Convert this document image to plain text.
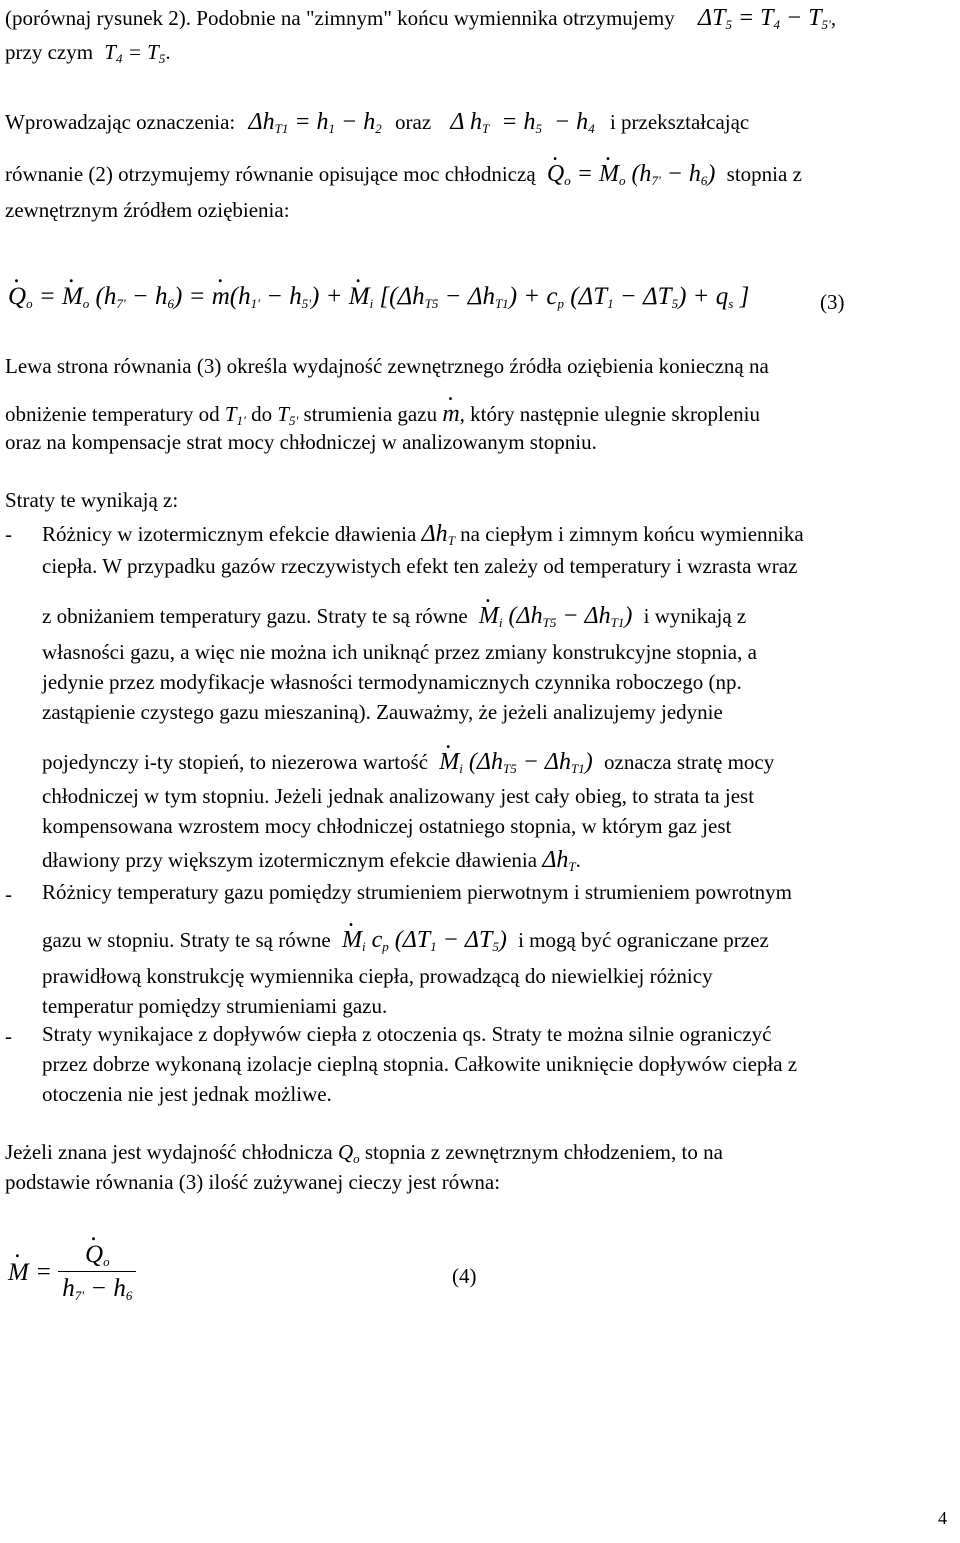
(porównaj rysunek 2). Podobnie na "zimnym" końcu wymiennika otrzymujemy $\Delta T_5 = T_4 - T_{5'}$,
przy czym $T_4 = T_5$.
Wprowadzając oznaczenia: $\Delta h_{T1} = h_1 - h_2$ oraz Δ $h_T = h_5 - h_4$ i przekształcając
równanie (2) otrzymujemy równanie opisujące moc chłodniczą . $Q_o$ = . $M_o$ $(h_{7'} - h_6)$ stopnia z
zewnętrznym źródłem oziębienia:
. $Q_o$ = . $M_o$ $(h_{7'} - h_6)$ = . $m(h_{1'} - h_{5'})$ + . $M_i$ [$(\Delta h_{T5} - \Delta h_{T1}) + c_p$ $(\Delta T_1 - \Delta T_5) + q_s$ ]	(3)
Lewa strona równania (3) określa wydajność zewnętrznego źródła oziębienia konieczną na
obniżenie temperatury od $T_{1'}$ do $T_{5'}$ strumienia gazu . m, który następnie ulegnie skropleniu
oraz na kompensacje strat mocy chłodniczej w analizowanym stopniu.
Straty te wynikają z:
- Różnicy w izotermicznym efekcie dławienia $\Delta h_T$ na ciepłym i zimnym końcu wymiennika
ciepła. W przypadku gazów rzeczywistych efekt ten zależy od temperatury i wzrasta wraz
z obniżaniem temperatury gazu. Straty te są równe . $M_i$ $(\Delta h_{T5} - \Delta h_{T1})$ i wynikają z
własności gazu, a więc nie można ich uniknąć przez zmiany konstrukcyjne stopnia, a
jedynie przez modyfikacje własności termodynamicznych czynnika roboczego (np.
zastąpienie czystego gazu mieszaniną). Zauważmy, że jeżeli analizujemy jedynie
pojedynczy i-ty stopień, to niezerowa wartość . $M_i$ $(\Delta h_{T5} - \Delta h_{T1})$ oznacza stratę mocy
chłodniczej w tym stopniu. Jeżeli jednak analizowany jest cały obieg, to strata ta jest
kompensowana wzrostem mocy chłodniczej ostatniego stopnia, w którym gaz jest
dławiony przy większym izotermicznym efekcie dławienia $\Delta h_T$.
- Różnicy temperatury gazu pomiędzy strumieniem pierwotnym i strumieniem powrotnym
gazu w stopniu. Straty te są równe . $M_i$ $c_p$ $(\Delta T_1 - \Delta T_5)$ i mogą być ograniczane przez
prawidłową konstrukcję wymiennika ciepła, prowadzącą do niewielkiej różnicy
temperatur pomiędzy strumieniami gazu.
- Straty wynikajace z dopływów ciepła z otoczenia qs. Straty te można silnie ograniczyć
przez dobrze wykonaną izolacje cieplną stopnia. Całkowite uniknięcie dopływów ciepła z
otoczenia nie jest jednak możliwe.
Jeżeli znana jest wydajność chłodnicza $Q_o$ stopnia z zewnętrznym chłodzeniem, to na
podstawie równania (3) ilość zużywanej cieczy jest równa:
. M = . $\frac{Q_o}{h_{7'} - h_6}$	(4)
4
